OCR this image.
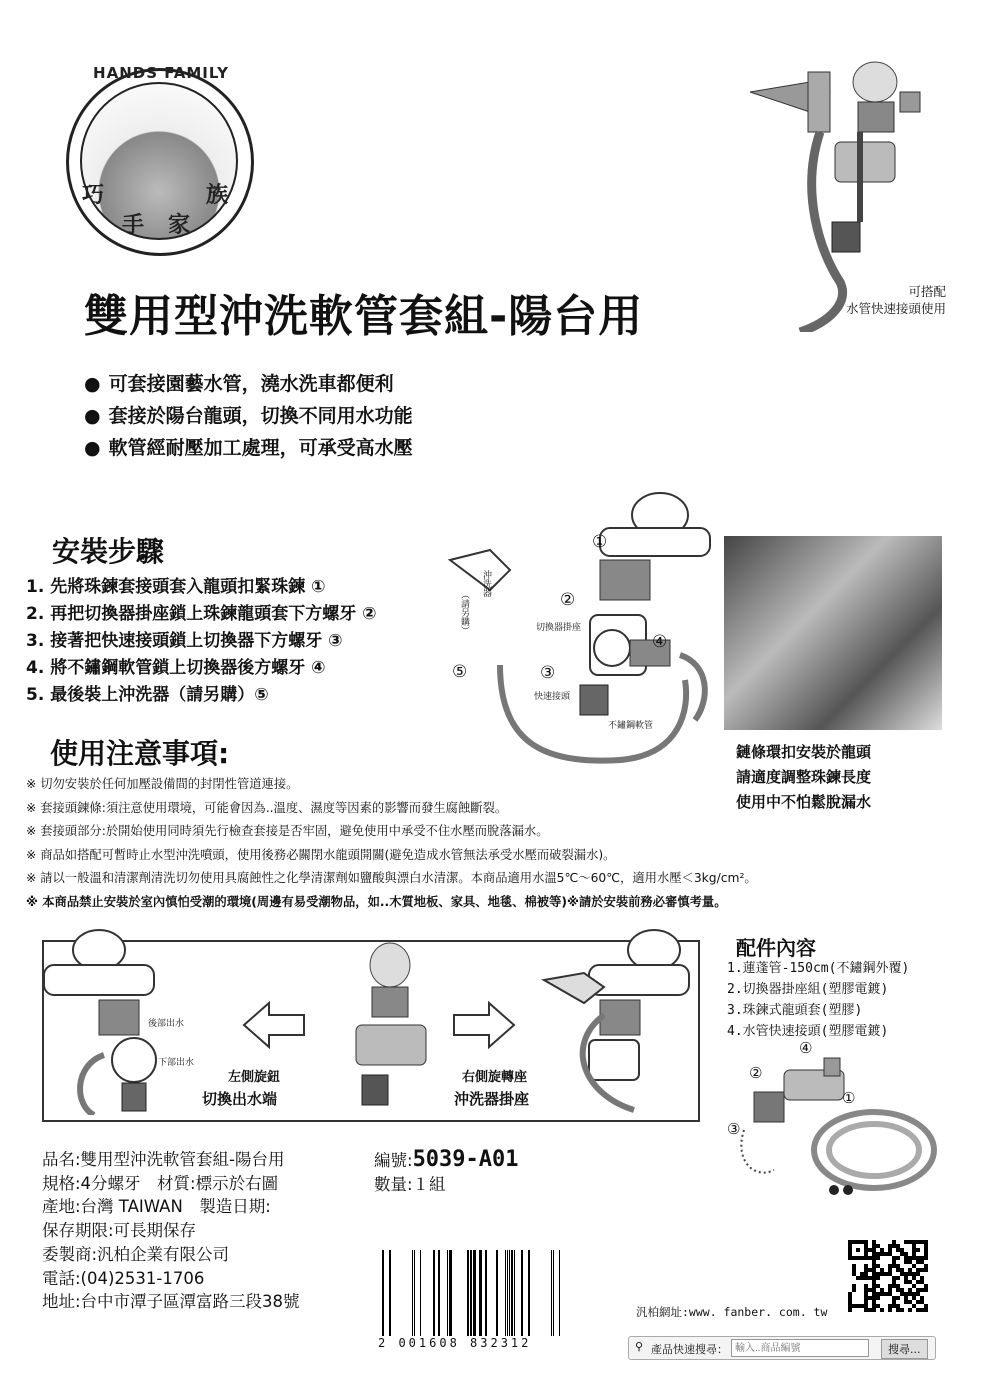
HANDS FAMILY
巧
手 家
族
可搭配
水管快速接頭使用
雙用型沖洗軟管套組-陽台用
● 可套接園藝水管，澆水洗車都便利
● 套接於陽台龍頭，切換不同用水功能
● 軟管經耐壓加工處理，可承受高水壓
安裝步驟
1. 先將珠鍊套接頭套入龍頭扣緊珠鍊 ①
2. 再把切換器掛座鎖上珠鍊龍頭套下方螺牙 ②
3. 接著把快速接頭鎖上切換器下方螺牙 ③
4. 將不鏽鋼軟管鎖上切換器後方螺牙 ④
5. 最後裝上沖洗器（請另購）⑤
沖洗器
（請另購）	切換器掛座
快速接頭
不鏽鋼軟管
①
②
③
④
⑤
鏈條環扣安裝於龍頭
請適度調整珠鍊長度
使用中不怕鬆脫漏水
使用注意事項:
※ 切勿安裝於任何加壓設備間的封閉性管道連接。
※ 套接頭鍊條:須注意使用環境，可能會因為..溫度、濕度等因素的影響而發生腐蝕斷裂。
※ 套接頭部分:於開始使用同時須先行檢查套接是否牢固，避免使用中承受不住水壓而脫落漏水。
※ 商品如搭配可暫時止水型沖洗噴頭，使用後務必關閉水龍頭開關(避免造成水管無法承受水壓而破裂漏水)。
※ 請以一般溫和清潔劑清洗切勿使用具腐蝕性之化學清潔劑如鹽酸與漂白水清潔。本商品適用水溫5℃～60℃，適用水壓＜3kg/cm²。
※ 本商品禁止安裝於室內慎怕受潮的環境(周邊有易受潮物品，如..木質地板、家具、地毯、棉被等)※請於安裝前務必審慎考量。
後部出水
下部出水
左側旋鈕
切換出水端
右側旋轉座
沖洗器掛座
配件內容
1.蓮蓬管-150cm(不鏽鋼外覆)
2.切換器掛座組(塑膠電鍍)
3.珠鍊式龍頭套(塑膠)
4.水管快速接頭(塑膠電鍍)
④
②
①
③
品名:雙用型沖洗軟管套組-陽台用
規格:4分螺牙　材質:標示於右圖
產地:台灣 TAIWAN　製造日期:
保存期限:可長期保存
委製商:汎柏企業有限公司
電話:(04)2531-1706
地址:台中市潭子區潭富路三段38號
編號:5039-A01
數量:１組
2 001608 832312
汎柏網址:www. fanber. com. tw
⚲ 產品快速搜尋：
輸入..商品編號	搜尋...
